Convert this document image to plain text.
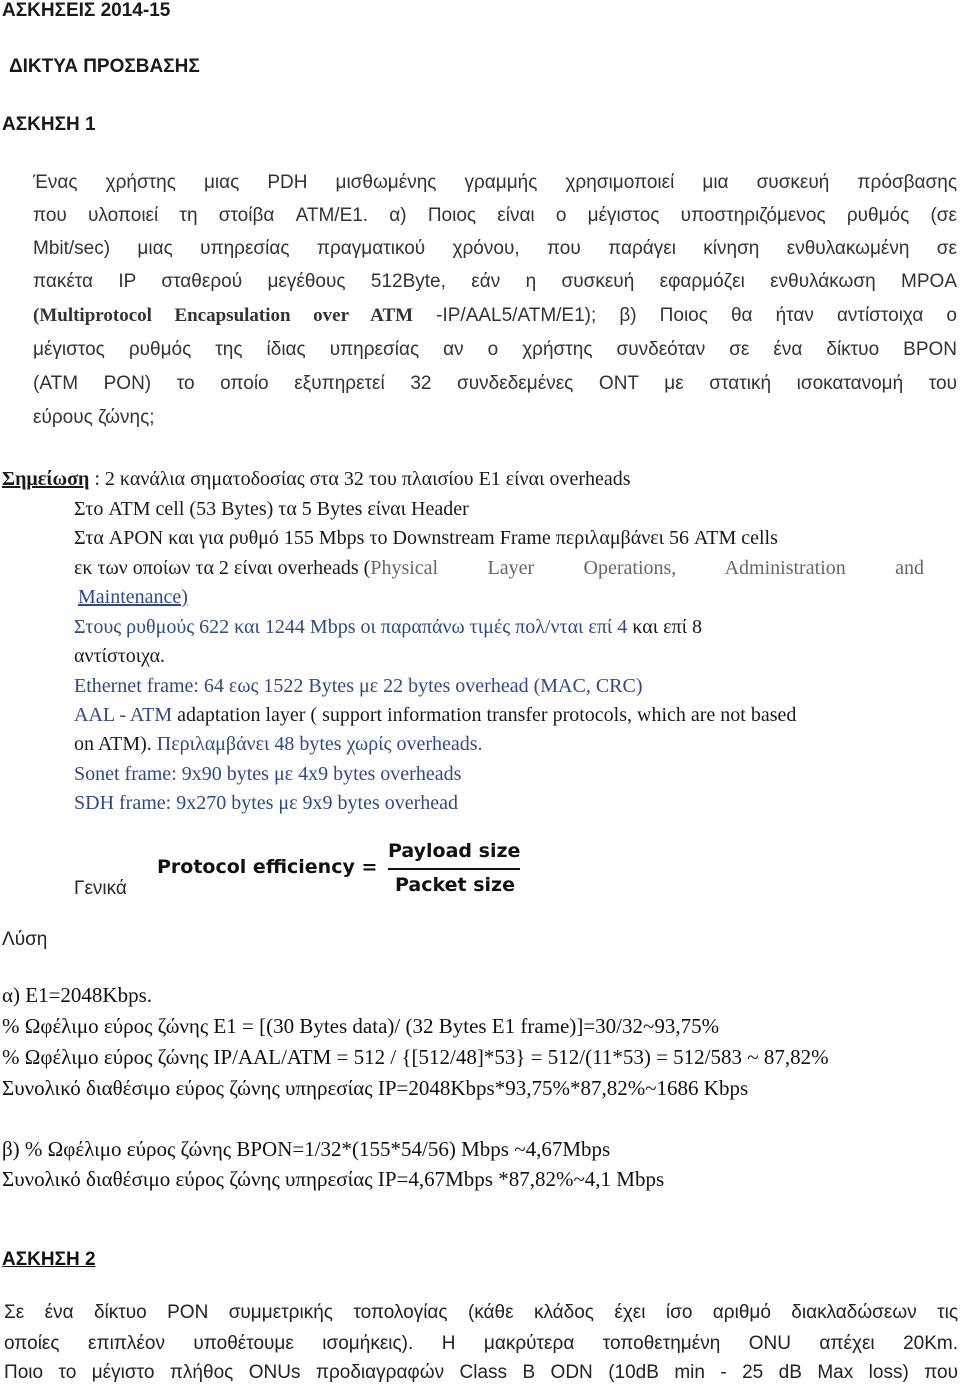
ΑΣΚΗΣΕΙΣ 2014-15
ΔΙΚΤΥΑ ΠΡΟΣΒΑΣΗΣ
ΑΣΚΗΣΗ 1
Ένας χρήστης μιας PDH μισθωμένης γραμμής χρησιμοποιεί μια συσκευή πρόσβασης
που υλοποιεί τη στοίβα ATM/E1. α) Ποιος είναι ο μέγιστος υποστηριζόμενος ρυθμός (σε
Mbit/sec) μιας υπηρεσίας πραγματικού χρόνου, που παράγει κίνηση ενθυλακωμένη σε
πακέτα IP σταθερού μεγέθους 512Byte, εάν η συσκευή εφαρμόζει ενθυλάκωση MPOA
(Multiprotocol Encapsulation over ATM -IP/AAL5/ATM/E1); β) Ποιος θα ήταν αντίστοιχα ο
μέγιστος ρυθμός της ίδιας υπηρεσίας αν ο χρήστης συνδεόταν σε ένα δίκτυο BPON
(ATM PON) το οποίο εξυπηρετεί 32 συνδεδεμένες ONT με στατική ισοκατανομή του
εύρους ζώνης;
Σημείωση : 2 κανάλια σηματοδοσίας στα 32 του πλαισίου E1 είναι overheads
Στο ATM cell (53 Bytes) τα 5 Bytes είναι Header
Στα APON και για ρυθμό 155 Mbps το Downstream Frame περιλαμβάνει 56 ATM cells
εκ των οποίων τα 2 είναι overheads ( Physical Layer Operations, Administration and
Maintenance)
Στους ρυθμούς 622 και 1244 Mbps οι παραπάνω τιμές πολ/νται επί 4 και επί 8
αντίστοιχα.
Ethernet frame: 64 εως 1522 Bytes με 22 bytes overhead (MAC, CRC)
AAL - ATM adaptation layer ( support information transfer protocols, which are not based
on ATM). Περιλαμβάνει 48 bytes χωρίς overheads.
Sonet frame: 9x90 bytes με 4x9 bytes overheads
SDH frame: 9x270 bytes με 9x9 bytes overhead
Γενικά
Protocol efficiency =
Payload size
Packet size
Λύση
α) E1=2048Kbps.
% Ωφέλιμο εύρος ζώνης E1 = [(30 Bytes data)/ (32 Bytes E1 frame)]=30/32~93,75%
% Ωφέλιμο εύρος ζώνης IP/AAL/ATM = 512 / {[512/48]*53} = 512/(11*53) = 512/583 ~ 87,82%
Συνολικό διαθέσιμο εύρος ζώνης υπηρεσίας IP=2048Kbps*93,75%*87,82%~1686 Kbps
β) % Ωφέλιμο εύρος ζώνης BPON=1/32*(155*54/56) Mbps ~4,67Mbps
Συνολικό διαθέσιμο εύρος ζώνης υπηρεσίας IP=4,67Mbps *87,82%~4,1 Mbps
ΑΣΚΗΣΗ 2
Σε ένα δίκτυο PON συμμετρικής τοπολογίας (κάθε κλάδος έχει ίσο αριθμό διακλαδώσεων τις
οποίες επιπλέον υποθέτουμε ισομήκεις). Η μακρύτερα τοποθετημένη ONU απέχει 20Km.
Ποιο το μέγιστο πλήθος ONUs προδιαγραφών Class B ODN (10dB min - 25 dB Max loss) που
